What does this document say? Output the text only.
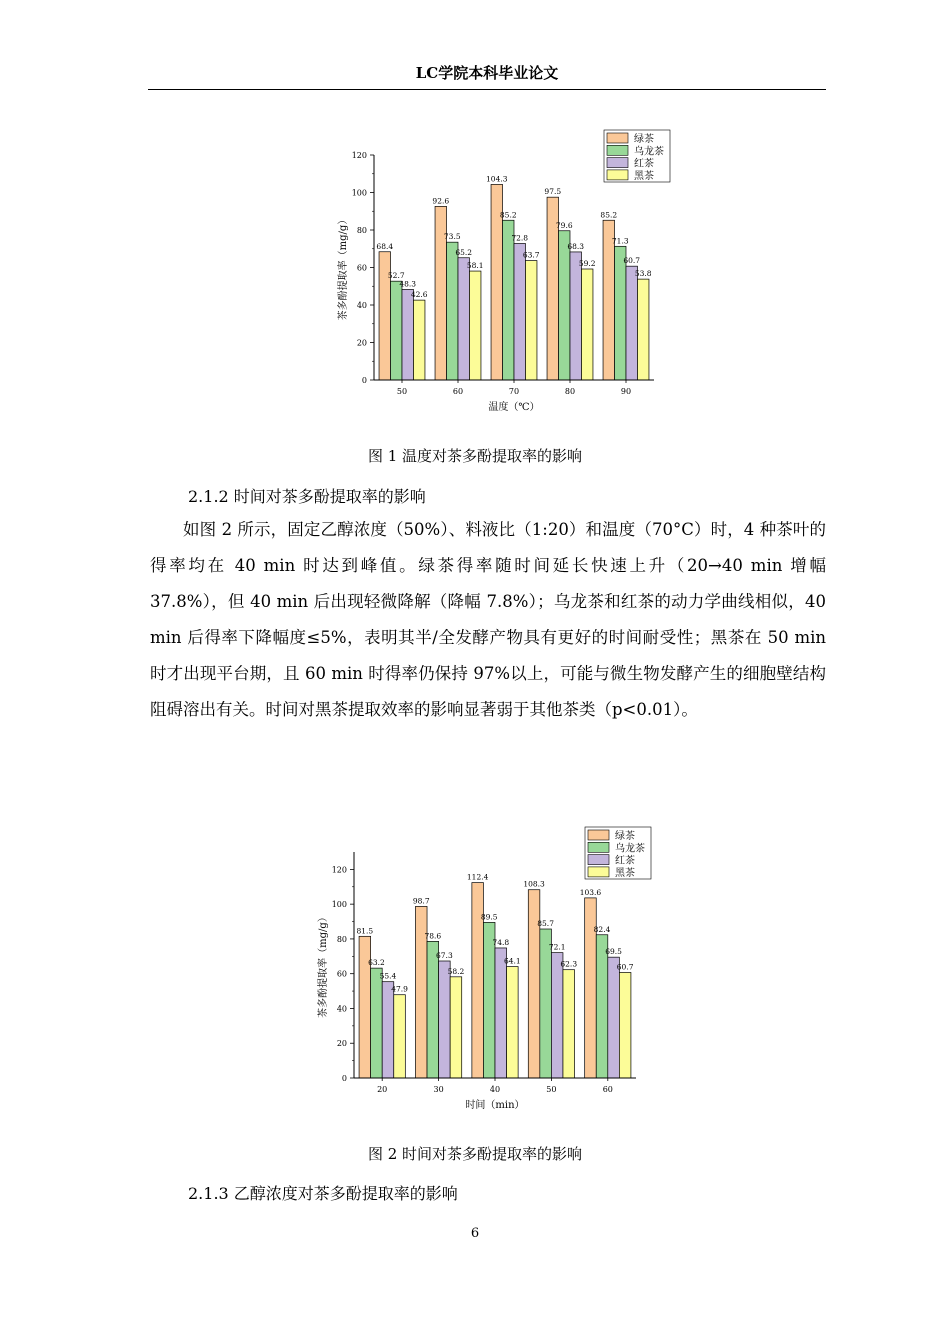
LC学院本科毕业论文
茶多酚提取率（mg/g）
0
20
40
60
80
100
120
68.4
52.7
48.3
42.6
50
92.6
73.5
65.2
58.1
60
104.3
85.2
72.8
63.7
70
97.5
79.6
68.3
59.2
80
85.2
71.3
60.7
53.8
90
温度（℃）
绿茶
乌龙茶
红茶
黑茶
图 1 温度对茶多酚提取率的影响
2.1.2 时间对茶多酚提取率的影响

如图 2 所示，固定乙醇浓度（50%）、料液比（1:20）和温度（70°C）时，4 种茶叶的得率均在 40 min 时达到峰值。绿茶得率随时间延长快速上升（20→40 min 增幅 37.8%），但 40 min 后出现轻微降解（降幅 7.8%）；乌龙茶和红茶的动力学曲线相似，40 min 后得率下降幅度≤5%，表明其半/全发酵产物具有更好的时间耐受性；黑茶在 50 min 时才出现平台期，且 60 min 时得率仍保持 97%以上，可能与微生物发酵产生的细胞壁结构阻碍溶出有关。时间对黑茶提取效率的影响显著弱于其他茶类（p<0.01）。

茶多酚提取率（mg/g）
0
20
40
60
80
100
120
81.5
63.2
55.4
47.9
20
98.7
78.6
67.3
58.2
30
112.4
89.5
74.8
64.1
40
108.3
85.7
72.1
62.3
50
103.6
82.4
69.5
60.7
60
时间（min）
绿茶
乌龙茶
红茶
黑茶
图 2 时间对茶多酚提取率的影响
2.1.3 乙醇浓度对茶多酚提取率的影响
6
